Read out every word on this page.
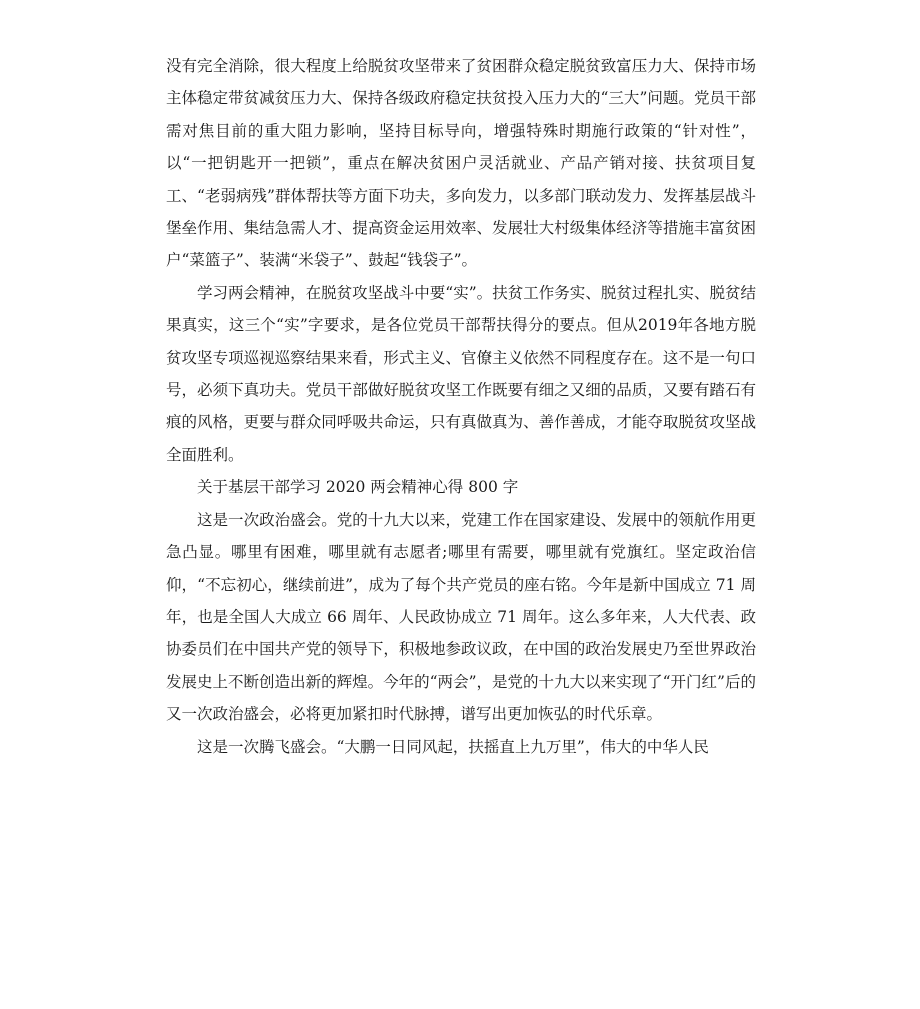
没有完全消除，很大程度上给脱贫攻坚带来了贫困群众稳定脱贫致富压力大、保持市场主体稳定带贫减贫压力大、保持各级政府稳定扶贫投入压力大的“三大”问题。党员干部需对焦目前的重大阻力影响，坚持目标导向，增强特殊时期施行政策的“针对性”，以“一把钥匙开一把锁”，重点在解决贫困户灵活就业、产品产销对接、扶贫项目复工、“老弱病残”群体帮扶等方面下功夫，多向发力，以多部门联动发力、发挥基层战斗堡垒作用、集结急需人才、提高资金运用效率、发展壮大村级集体经济等措施丰富贫困户“菜篮子”、装满“米袋子”、鼓起“钱袋子”。

学习两会精神，在脱贫攻坚战斗中要“实”。扶贫工作务实、脱贫过程扎实、脱贫结果真实，这三个“实”字要求，是各位党员干部帮扶得分的要点。但从2019年各地方脱贫攻坚专项巡视巡察结果来看，形式主义、官僚主义依然不同程度存在。这不是一句口号，必须下真功夫。党员干部做好脱贫攻坚工作既要有细之又细的品质，又要有踏石有痕的风格，更要与群众同呼吸共命运，只有真做真为、善作善成，才能夺取脱贫攻坚战全面胜利。

关于基层干部学习 2020 两会精神心得 800 字

这是一次政治盛会。党的十九大以来，党建工作在国家建设、发展中的领航作用更急凸显。哪里有困难，哪里就有志愿者;哪里有需要，哪里就有党旗红。坚定政治信仰，“不忘初心，继续前进”，成为了每个共产党员的座右铭。今年是新中国成立 71 周年，也是全国人大成立 66 周年、人民政协成立 71 周年。这么多年来，人大代表、政协委员们在中国共产党的领导下，积极地参政议政，在中国的政治发展史乃至世界政治发展史上不断创造出新的辉煌。今年的“两会”，是党的十九大以来实现了“开门红”后的又一次政治盛会，必将更加紧扣时代脉搏，谱写出更加恢弘的时代乐章。

这是一次腾飞盛会。“大鹏一日同风起，扶摇直上九万里”，伟大的中华人民
